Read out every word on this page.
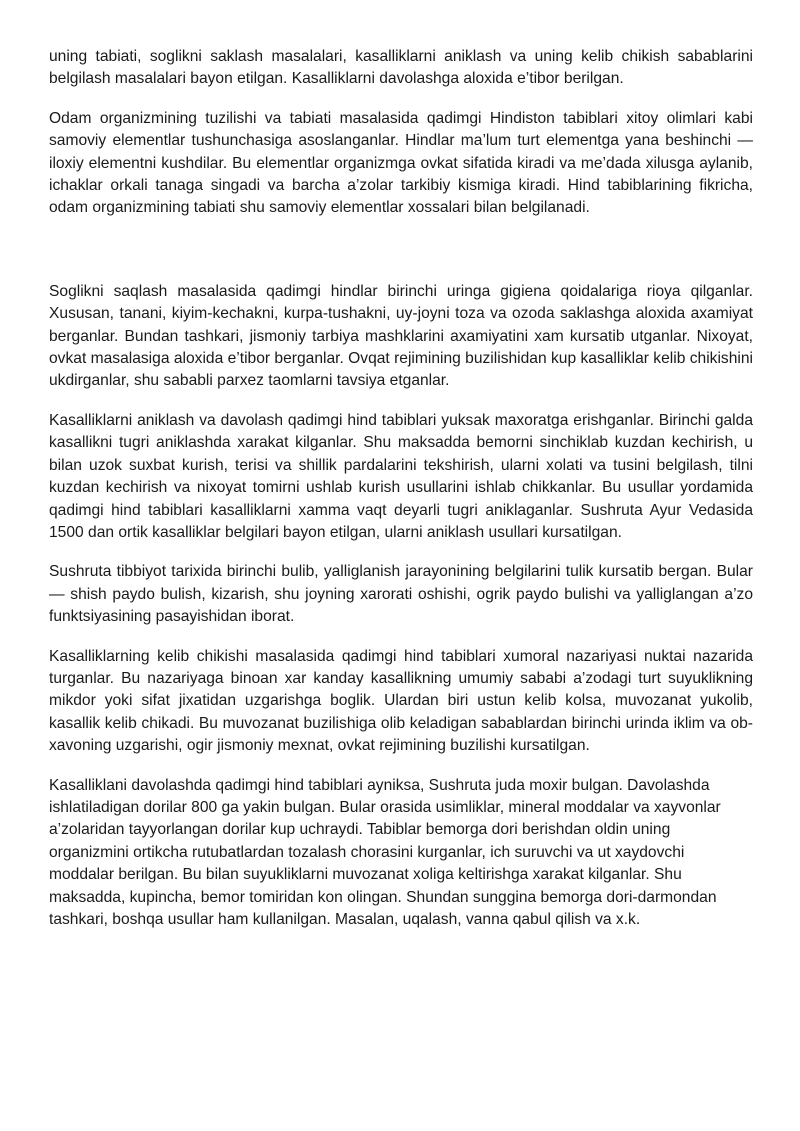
uning tabiati, soglikni saklash masalalari, kasalliklarni aniklash va uning kelib chikish sabablarini belgilash masalalari bayon etilgan. Kasalliklarni davolashga aloxida e’tibor berilgan.

Odam organizmining tuzilishi va tabiati masalasida qadimgi Hindiston tabiblari xitoy olimlari kabi samoviy elementlar tushunchasiga asoslanganlar. Hindlar ma’lum turt elementga yana beshinchi — iloxiy elementni kushdilar. Bu elementlar organizmga ovkat sifatida kiradi va me’dada xilusga aylanib, ichaklar orkali tanaga singadi va barcha a’zolar tarkibiy kismiga kiradi. Hind tabiblarining fikricha, odam organizmining tabiati shu samoviy elementlar xossalari bilan belgilanadi.

Soglikni saqlash masalasida qadimgi hindlar birinchi uringa gigiena qoidalariga rioya qilganlar. Xususan, tanani, kiyim-kechakni, kurpa-tushakni, uy-joyni toza va ozoda saklashga aloxida axamiyat berganlar. Bundan tashkari, jismoniy tarbiya mashklarini axamiyatini xam kursatib utganlar. Nixoyat, ovkat masalasiga aloxida e’tibor berganlar. Ovqat rejimining buzilishidan kup kasalliklar kelib chikishini ukdirganlar, shu sababli parxez taomlarni tavsiya etganlar.

Kasalliklarni aniklash va davolash qadimgi hind tabiblari yuksak maxoratga erishganlar. Birinchi galda kasallikni tugri aniklashda xarakat kilganlar. Shu maksadda bemorni sinchiklab kuzdan kechirish, u bilan uzok suxbat kurish, terisi va shillik pardalarini tekshirish, ularni xolati va tusini belgilash, tilni kuzdan kechirish va nixoyat tomirni ushlab kurish usullarini ishlab chikkanlar. Bu usullar yordamida qadimgi hind tabiblari kasalliklarni xamma vaqt deyarli tugri aniklaganlar. Sushruta Ayur Vedasida 1500 dan ortik kasalliklar belgilari bayon etilgan, ularni aniklash usullari kursatilgan.

Sushruta tibbiyot tarixida birinchi bulib, yalliglanish jarayonining belgilarini tulik kursatib bergan. Bular — shish paydo bulish, kizarish, shu joyning xarorati oshishi, ogrik paydo bulishi va yalliglangan a’zo funktsiyasining pasayishidan iborat.

Kasalliklarning kelib chikishi masalasida qadimgi hind tabiblari xumoral nazariyasi nuktai nazarida turganlar. Bu nazariyaga binoan xar kanday kasallikning umumiy sababi a’zodagi turt suyuklikning mikdor yoki sifat jixatidan uzgarishga boglik. Ulardan biri ustun kelib kolsa, muvozanat yukolib, kasallik kelib chikadi. Bu muvozanat buzilishiga olib keladigan sabablardan birinchi urinda iklim va ob-xavoning uzgarishi, ogir jismoniy mexnat, ovkat rejimining buzilishi kursatilgan.

Kasalliklani davolashda qadimgi hind tabiblari ayniksa, Sushruta juda moxir bulgan. Davolashda ishlatiladigan dorilar 800 ga yakin bulgan. Bular orasida usimliklar, mineral moddalar va xayvonlar a’zolaridan tayyorlangan dorilar kup uchraydi. Tabiblar bemorga dori berishdan oldin uning organizmini ortikcha rutubatlardan tozalash chorasini kurganlar, ich suruvchi va ut xaydovchi moddalar berilgan. Bu bilan suyukliklarni muvozanat xoliga keltirishga xarakat kilganlar. Shu maksadda, kupincha, bemor tomiridan kon olingan. Shundan sunggina bemorga dori-darmondan tashkari, boshqa usullar ham kullanilgan. Masalan, uqalash, vanna qabul qilish va x.k.
